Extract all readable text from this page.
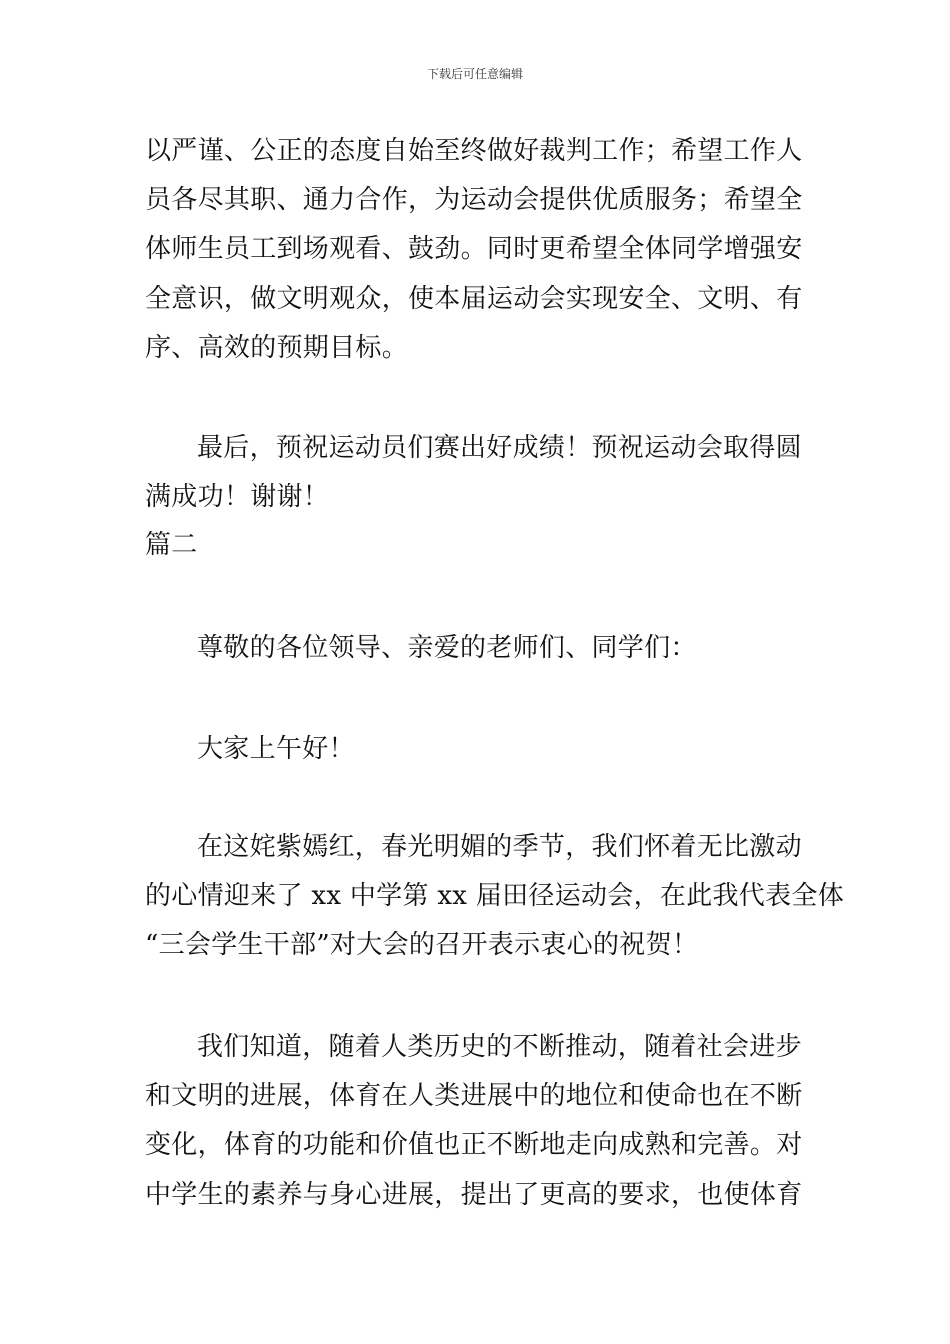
下载后可任意编辑
以严谨、公正的态度自始至终做好裁判工作；希望工作人
员各尽其职、通力合作，为运动会提供优质服务；希望全
体师生员工到场观看、鼓劲。同时更希望全体同学增强安
全意识，做文明观众，使本届运动会实现安全、文明、有
序、高效的预期目标。
最后，预祝运动员们赛出好成绩！预祝运动会取得圆
满成功！谢谢！
篇二
尊敬的各位领导、亲爱的老师们、同学们：
大家上午好！
在这姹紫嫣红，春光明媚的季节，我们怀着无比激动
的心情迎来了 xx 中学第 xx 届田径运动会，在此我代表全体
“三会学生干部”对大会的召开表示衷心的祝贺！
我们知道，随着人类历史的不断推动，随着社会进步
和文明的进展，体育在人类进展中的地位和使命也在不断
变化，体育的功能和价值也正不断地走向成熟和完善。对
中学生的素养与身心进展，提出了更高的要求，也使体育
